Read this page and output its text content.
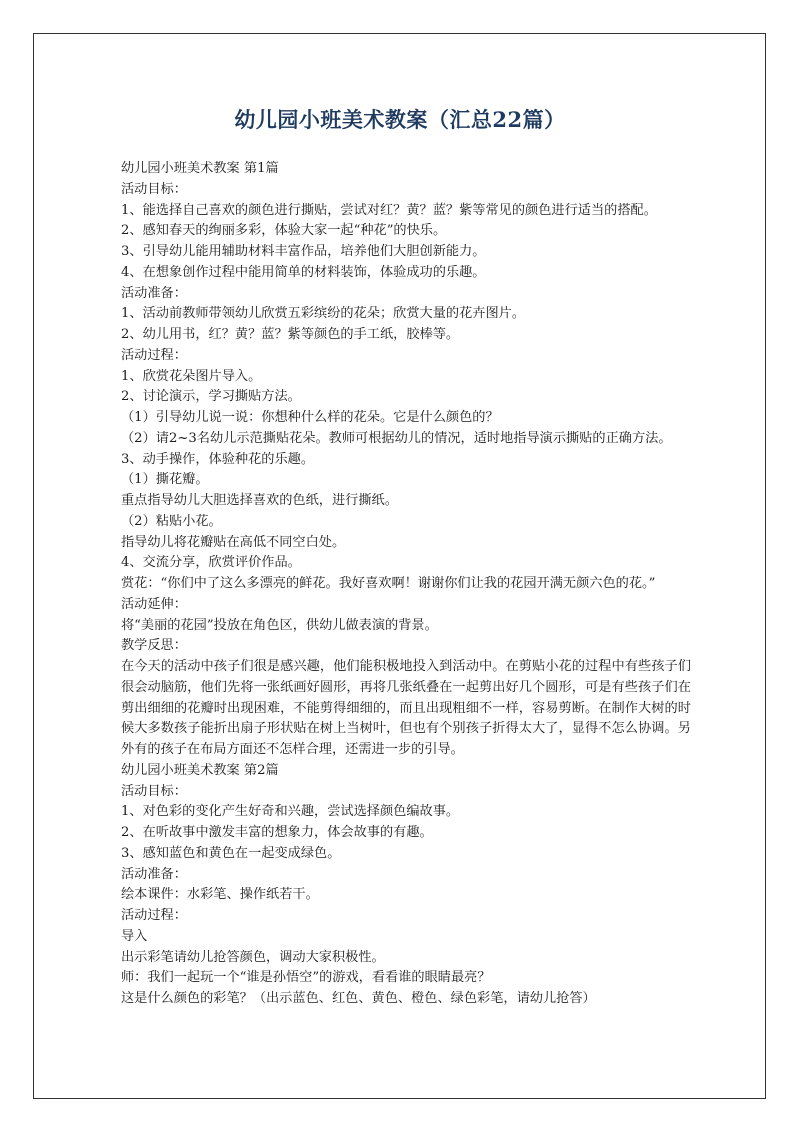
幼儿园小班美术教案（汇总22篇）
幼儿园小班美术教案 第1篇
活动目标：
1、能选择自己喜欢的颜色进行撕贴，尝试对红？黄？蓝？紫等常见的颜色进行适当的搭配。
2、感知春天的绚丽多彩，体验大家一起“种花”的快乐。
3、引导幼儿能用辅助材料丰富作品，培养他们大胆创新能力。
4、在想象创作过程中能用简单的材料装饰，体验成功的乐趣。
活动准备：
1、活动前教师带领幼儿欣赏五彩缤纷的花朵；欣赏大量的花卉图片。
2、幼儿用书，红？黄？蓝？紫等颜色的手工纸，胶棒等。
活动过程：
1、欣赏花朵图片导入。
2、讨论演示，学习撕贴方法。
（1）引导幼儿说一说：你想种什么样的花朵。它是什么颜色的？
（2）请2~3名幼儿示范撕贴花朵。教师可根据幼儿的情况，适时地指导演示撕贴的正确方法。
3、动手操作，体验种花的乐趣。
（1）撕花瓣。
重点指导幼儿大胆选择喜欢的色纸，进行撕纸。
（2）粘贴小花。
指导幼儿将花瓣贴在高低不同空白处。
4、交流分享，欣赏评价作品。
赏花：“你们中了这么多漂亮的鲜花。我好喜欢啊！谢谢你们让我的花园开满无颜六色的花。”
活动延伸：
将“美丽的花园”投放在角色区，供幼儿做表演的背景。
教学反思：
在今天的活动中孩子们很是感兴趣，他们能积极地投入到活动中。在剪贴小花的过程中有些孩子们很会动脑筋，他们先将一张纸画好圆形，再将几张纸叠在一起剪出好几个圆形，可是有些孩子们在剪出细细的花瓣时出现困难，不能剪得细细的，而且出现粗细不一样，容易剪断。在制作大树的时候大多数孩子能折出扇子形状贴在树上当树叶，但也有个别孩子折得太大了，显得不怎么协调。另外有的孩子在布局方面还不怎样合理，还需进一步的引导。
幼儿园小班美术教案 第2篇
活动目标：
1、对色彩的变化产生好奇和兴趣，尝试选择颜色编故事。
2、在听故事中激发丰富的想象力，体会故事的有趣。
3、感知蓝色和黄色在一起变成绿色。
活动准备：
绘本课件：水彩笔、操作纸若干。
活动过程：
导入
出示彩笔请幼儿抢答颜色，调动大家积极性。
师：我们一起玩一个“谁是孙悟空”的游戏，看看谁的眼睛最亮？
这是什么颜色的彩笔？（出示蓝色、红色、黄色、橙色、绿色彩笔，请幼儿抢答）
